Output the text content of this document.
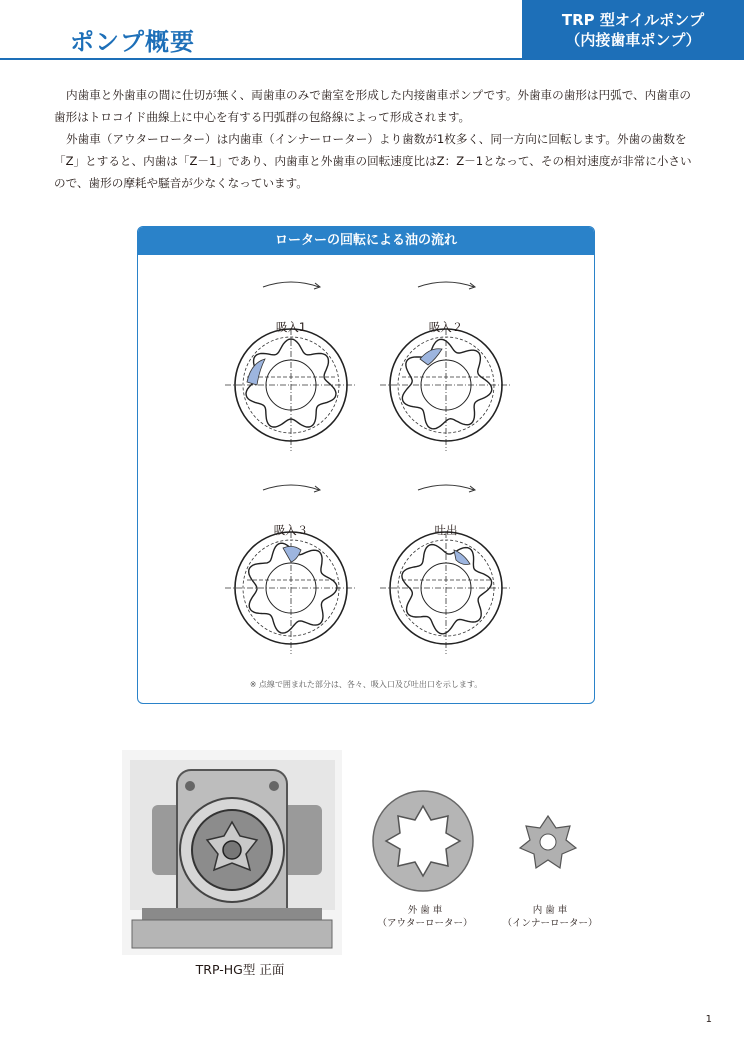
ポンプ概要
TRP 型オイルポンプ
（内接歯車ポンプ）

内歯車と外歯車の間に仕切が無く、両歯車のみで歯室を形成した内接歯車ポンプです。外歯車の歯形は円弧で、内歯車の歯形はトロコイド曲線上に中心を有する円弧群の包絡線によって形成されます。

外歯車（アウターローター）は内歯車（インナーローター）より歯数が1枚多く、同一方向に回転します。外歯の歯数を「Z」とすると、内歯は「Z－1」であり、内歯車と外歯車の回転速度比はZ：Z－1となって、その相対速度が非常に小さいので、歯形の摩耗や騒音が少なくなっています。

ローターの回転による油の流れ
吸入1	吸入２
吸入３	吐出
※ 点線で囲まれた部分は、各々、吸入口及び吐出口を示します。
TRP-HG型 正面
外 歯 車
（アウターローター）
内 歯 車
（インナーローター）
1
